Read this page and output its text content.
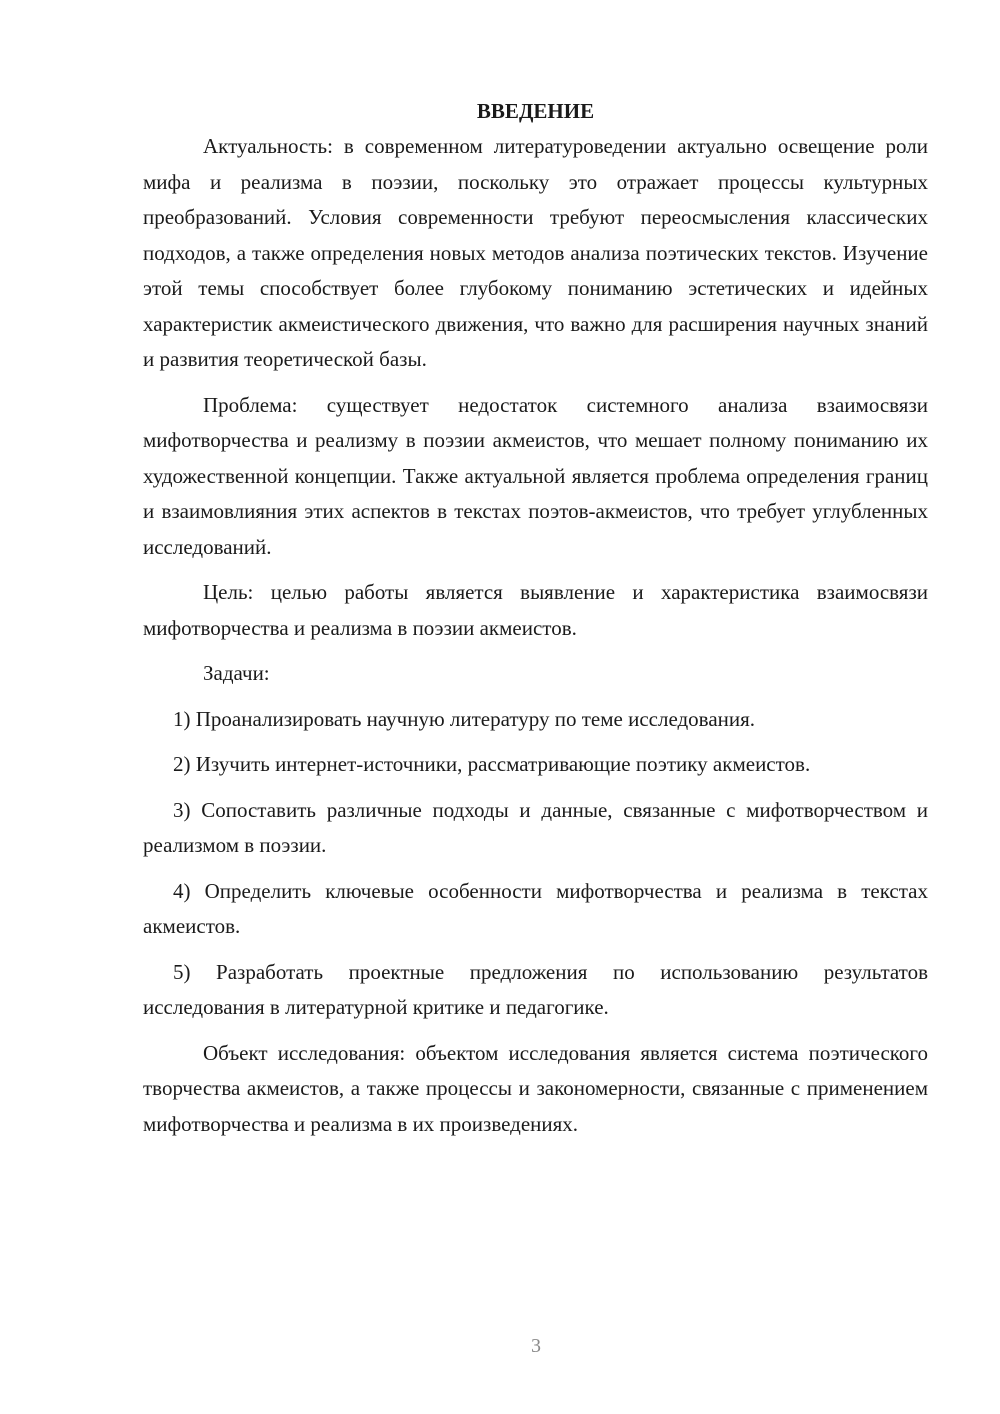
ВВЕДЕНИЕ

Актуальность: в современном литературоведении актуально освещение роли мифа и реализма в поэзии, поскольку это отражает процессы культурных преобразований. Условия современности требуют переосмысления классических подходов, а также определения новых методов анализа поэтических текстов. Изучение этой темы способствует более глубокому пониманию эстетических и идейных характеристик акмеистического движения, что важно для расширения научных знаний и развития теоретической базы.

Проблема: существует недостаток системного анализа взаимосвязи мифотворчества и реализму в поэзии акмеистов, что мешает полному пониманию их художественной концепции. Также актуальной является проблема определения границ и взаимовлияния этих аспектов в текстах поэтов-акмеистов, что требует углубленных исследований.

Цель: целью работы является выявление и характеристика взаимосвязи мифотворчества и реализма в поэзии акмеистов.

Задачи:

1) Проанализировать научную литературу по теме исследования.

2) Изучить интернет-источники, рассматривающие поэтику акмеистов.

3) Сопоставить различные подходы и данные, связанные с мифотворчеством и реализмом в поэзии.

4) Определить ключевые особенности мифотворчества и реализма в текстах акмеистов.

5) Разработать проектные предложения по использованию результатов исследования в литературной критике и педагогике.

Объект исследования: объектом исследования является система поэтического творчества акмеистов, а также процессы и закономерности, связанные с применением мифотворчества и реализма в их произведениях.

3
